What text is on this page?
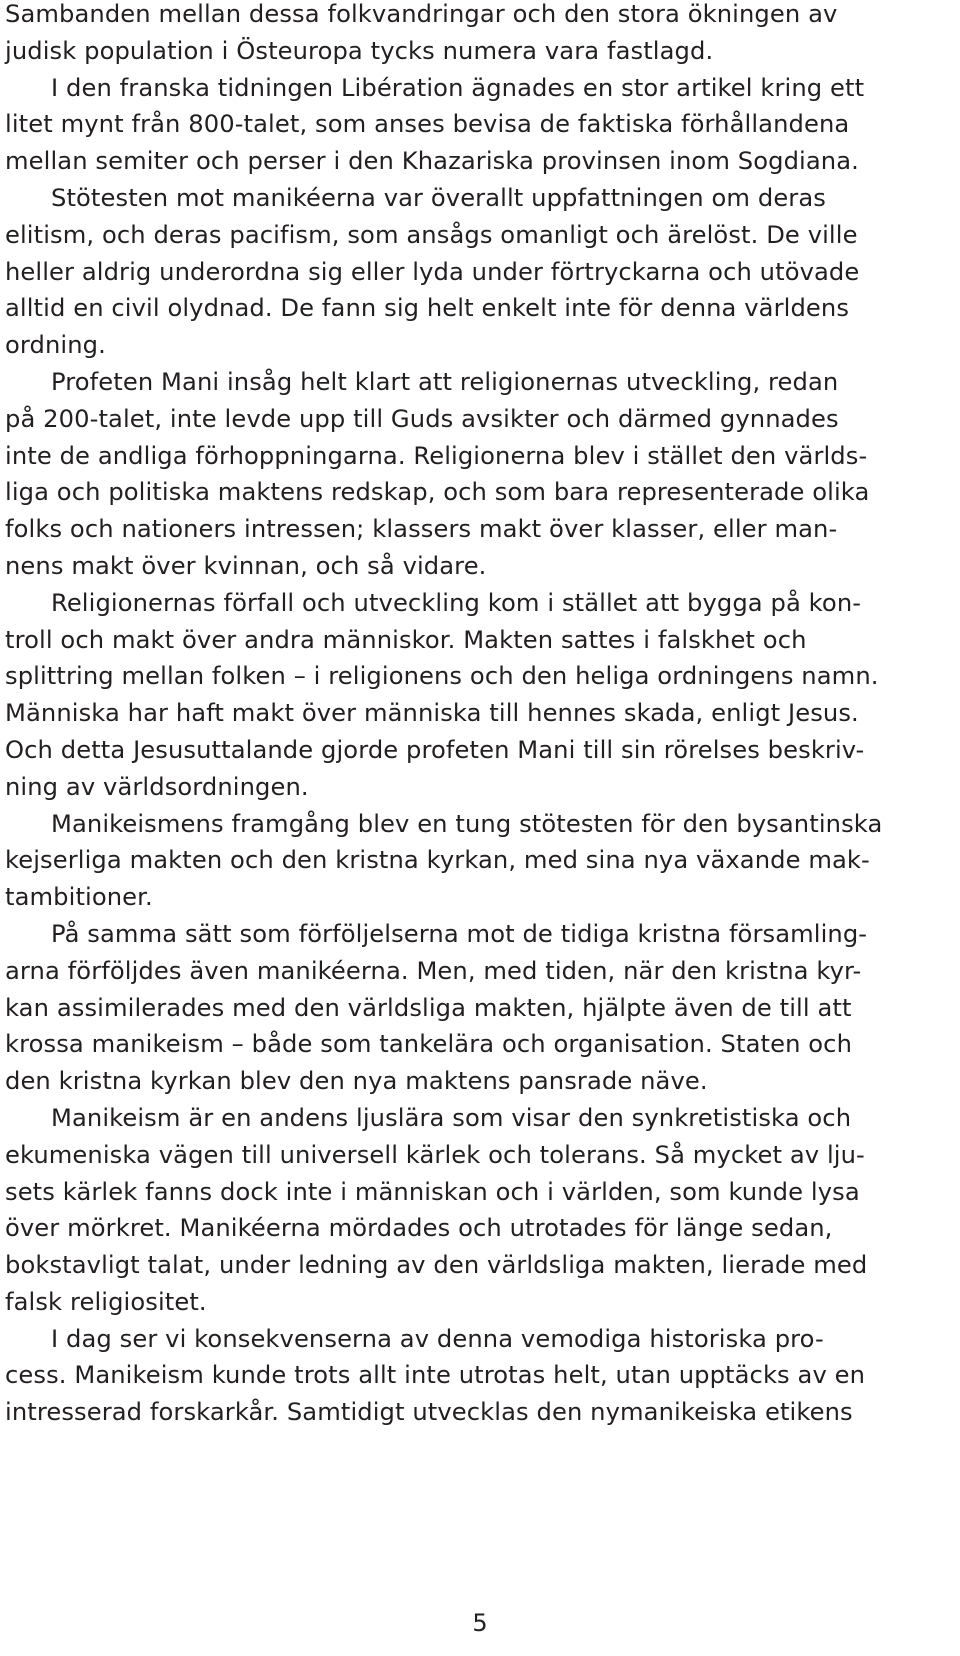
Sambanden mellan dessa folkvandringar och den stora ökningen av
judisk population i Östeuropa tycks numera vara fastlagd.
I den franska tidningen Libération ägnades en stor artikel kring ett
litet mynt från 800-talet, som anses bevisa de faktiska förhållandena
mellan semiter och perser i den Khazariska provinsen inom Sogdiana.
Stötesten mot manikéerna var överallt uppfattningen om deras
elitism, och deras pacifism, som ansågs omanligt och ärelöst. De ville
heller aldrig underordna sig eller lyda under förtryckarna och utövade
alltid en civil olydnad. De fann sig helt enkelt inte för denna världens
ordning.
Profeten Mani insåg helt klart att religionernas utveckling, redan
på 200-talet, inte levde upp till Guds avsikter och därmed gynnades
inte de andliga förhoppningarna. Religionerna blev i stället den världs-
liga och politiska maktens redskap, och som bara representerade olika
folks och nationers intressen; klassers makt över klasser, eller man-
nens makt över kvinnan, och så vidare.
Religionernas förfall och utveckling kom i stället att bygga på kon-
troll och makt över andra människor. Makten sattes i falskhet och
splittring mellan folken – i religionens och den heliga ordningens namn.
Människa har haft makt över människa till hennes skada, enligt Jesus.
Och detta Jesusuttalande gjorde profeten Mani till sin rörelses beskriv-
ning av världsordningen.
Manikeismens framgång blev en tung stötesten för den bysantinska
kejserliga makten och den kristna kyrkan, med sina nya växande mak-
tambitioner.
På samma sätt som förföljelserna mot de tidiga kristna församling-
arna förföljdes även manikéerna. Men, med tiden, när den kristna kyr-
kan assimilerades med den världsliga makten, hjälpte även de till att
krossa manikeism – både som tankelära och organisation. Staten och
den kristna kyrkan blev den nya maktens pansrade näve.
Manikeism är en andens ljuslära som visar den synkretistiska och
ekumeniska vägen till universell kärlek och tolerans. Så mycket av lju-
sets kärlek fanns dock inte i människan och i världen, som kunde lysa
över mörkret. Manikéerna mördades och utrotades för länge sedan,
bokstavligt talat, under ledning av den världsliga makten, lierade med
falsk religiositet.
I dag ser vi konsekvenserna av denna vemodiga historiska pro-
cess. Manikeism kunde trots allt inte utrotas helt, utan upptäcks av en
intresserad forskarkår. Samtidigt utvecklas den nymanikeiska etikens
5
